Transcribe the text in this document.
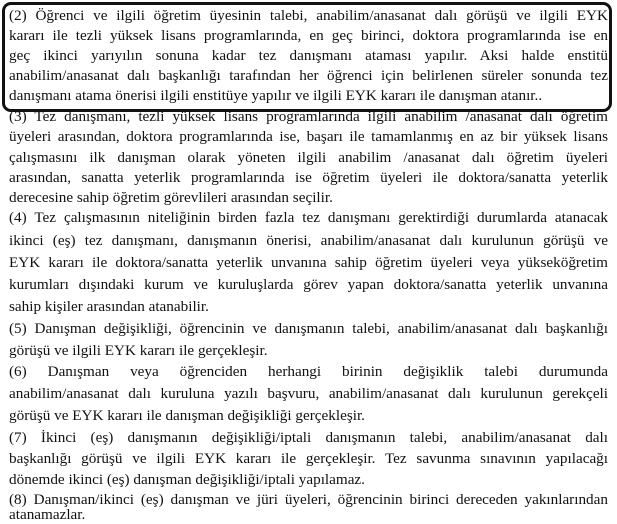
(2) Öğrenci ve ilgili öğretim üyesinin talebi, anabilim/anasanat dalı görüşü ve ilgili EYK
kararı ile tezli yüksek lisans programlarında, en geç birinci, doktora programlarında ise en
geç ikinci yarıyılın sonuna kadar tez danışmanı ataması yapılır. Aksi halde enstitü
anabilim/anasanat dalı başkanlığı tarafından her öğrenci için belirlenen süreler sonunda tez
danışmanı atama önerisi ilgili enstitüye yapılır ve ilgili EYK kararı ile danışman atanır..
(3) Tez danışmanı, tezli yüksek lisans programlarında ilgili anabilim /anasanat dalı öğretim
üyeleri arasından, doktora programlarında ise, başarı ile tamamlanmış en az bir yüksek lisans
çalışmasını ilk danışman olarak yöneten ilgili anabilim /anasanat dalı öğretim üyeleri
arasından, sanatta yeterlik programlarında ise öğretim üyeleri ile doktora/sanatta yeterlik
derecesine sahip öğretim görevlileri arasından seçilir.
(4) Tez çalışmasının niteliğinin birden fazla tez danışmanı gerektirdiği durumlarda atanacak
ikinci (eş) tez danışmanı, danışmanın önerisi, anabilim/anasanat dalı kurulunun görüşü ve
EYK kararı ile doktora/sanatta yeterlik unvanına sahip öğretim üyeleri veya yükseköğretim
kurumları dışındaki kurum ve kuruluşlarda görev yapan doktora/sanatta yeterlik unvanına
sahip kişiler arasından atanabilir.
(5) Danışman değişikliği, öğrencinin ve danışmanın talebi, anabilim/anasanat dalı başkanlığı
görüşü ve ilgili EYK kararı ile gerçekleşir.
(6) Danışman veya öğrenciden herhangi birinin değişiklik talebi durumunda
anabilim/anasanat dalı kuruluna yazılı başvuru, anabilim/anasanat dalı kurulunun gerekçeli
görüşü ve EYK kararı ile danışman değişikliği gerçekleşir.
(7) İkinci (eş) danışmanın değişikliği/iptali danışmanın talebi, anabilim/anasanat dalı
başkanlığı görüşü ve ilgili EYK kararı ile gerçekleşir. Tez savunma sınavının yapılacağı
dönemde ikinci (eş) danışman değişikliği/iptali yapılamaz.
(8) Danışman/ikinci (eş) danışman ve jüri üyeleri, öğrencinin birinci dereceden yakınlarından
atanamazlar.
